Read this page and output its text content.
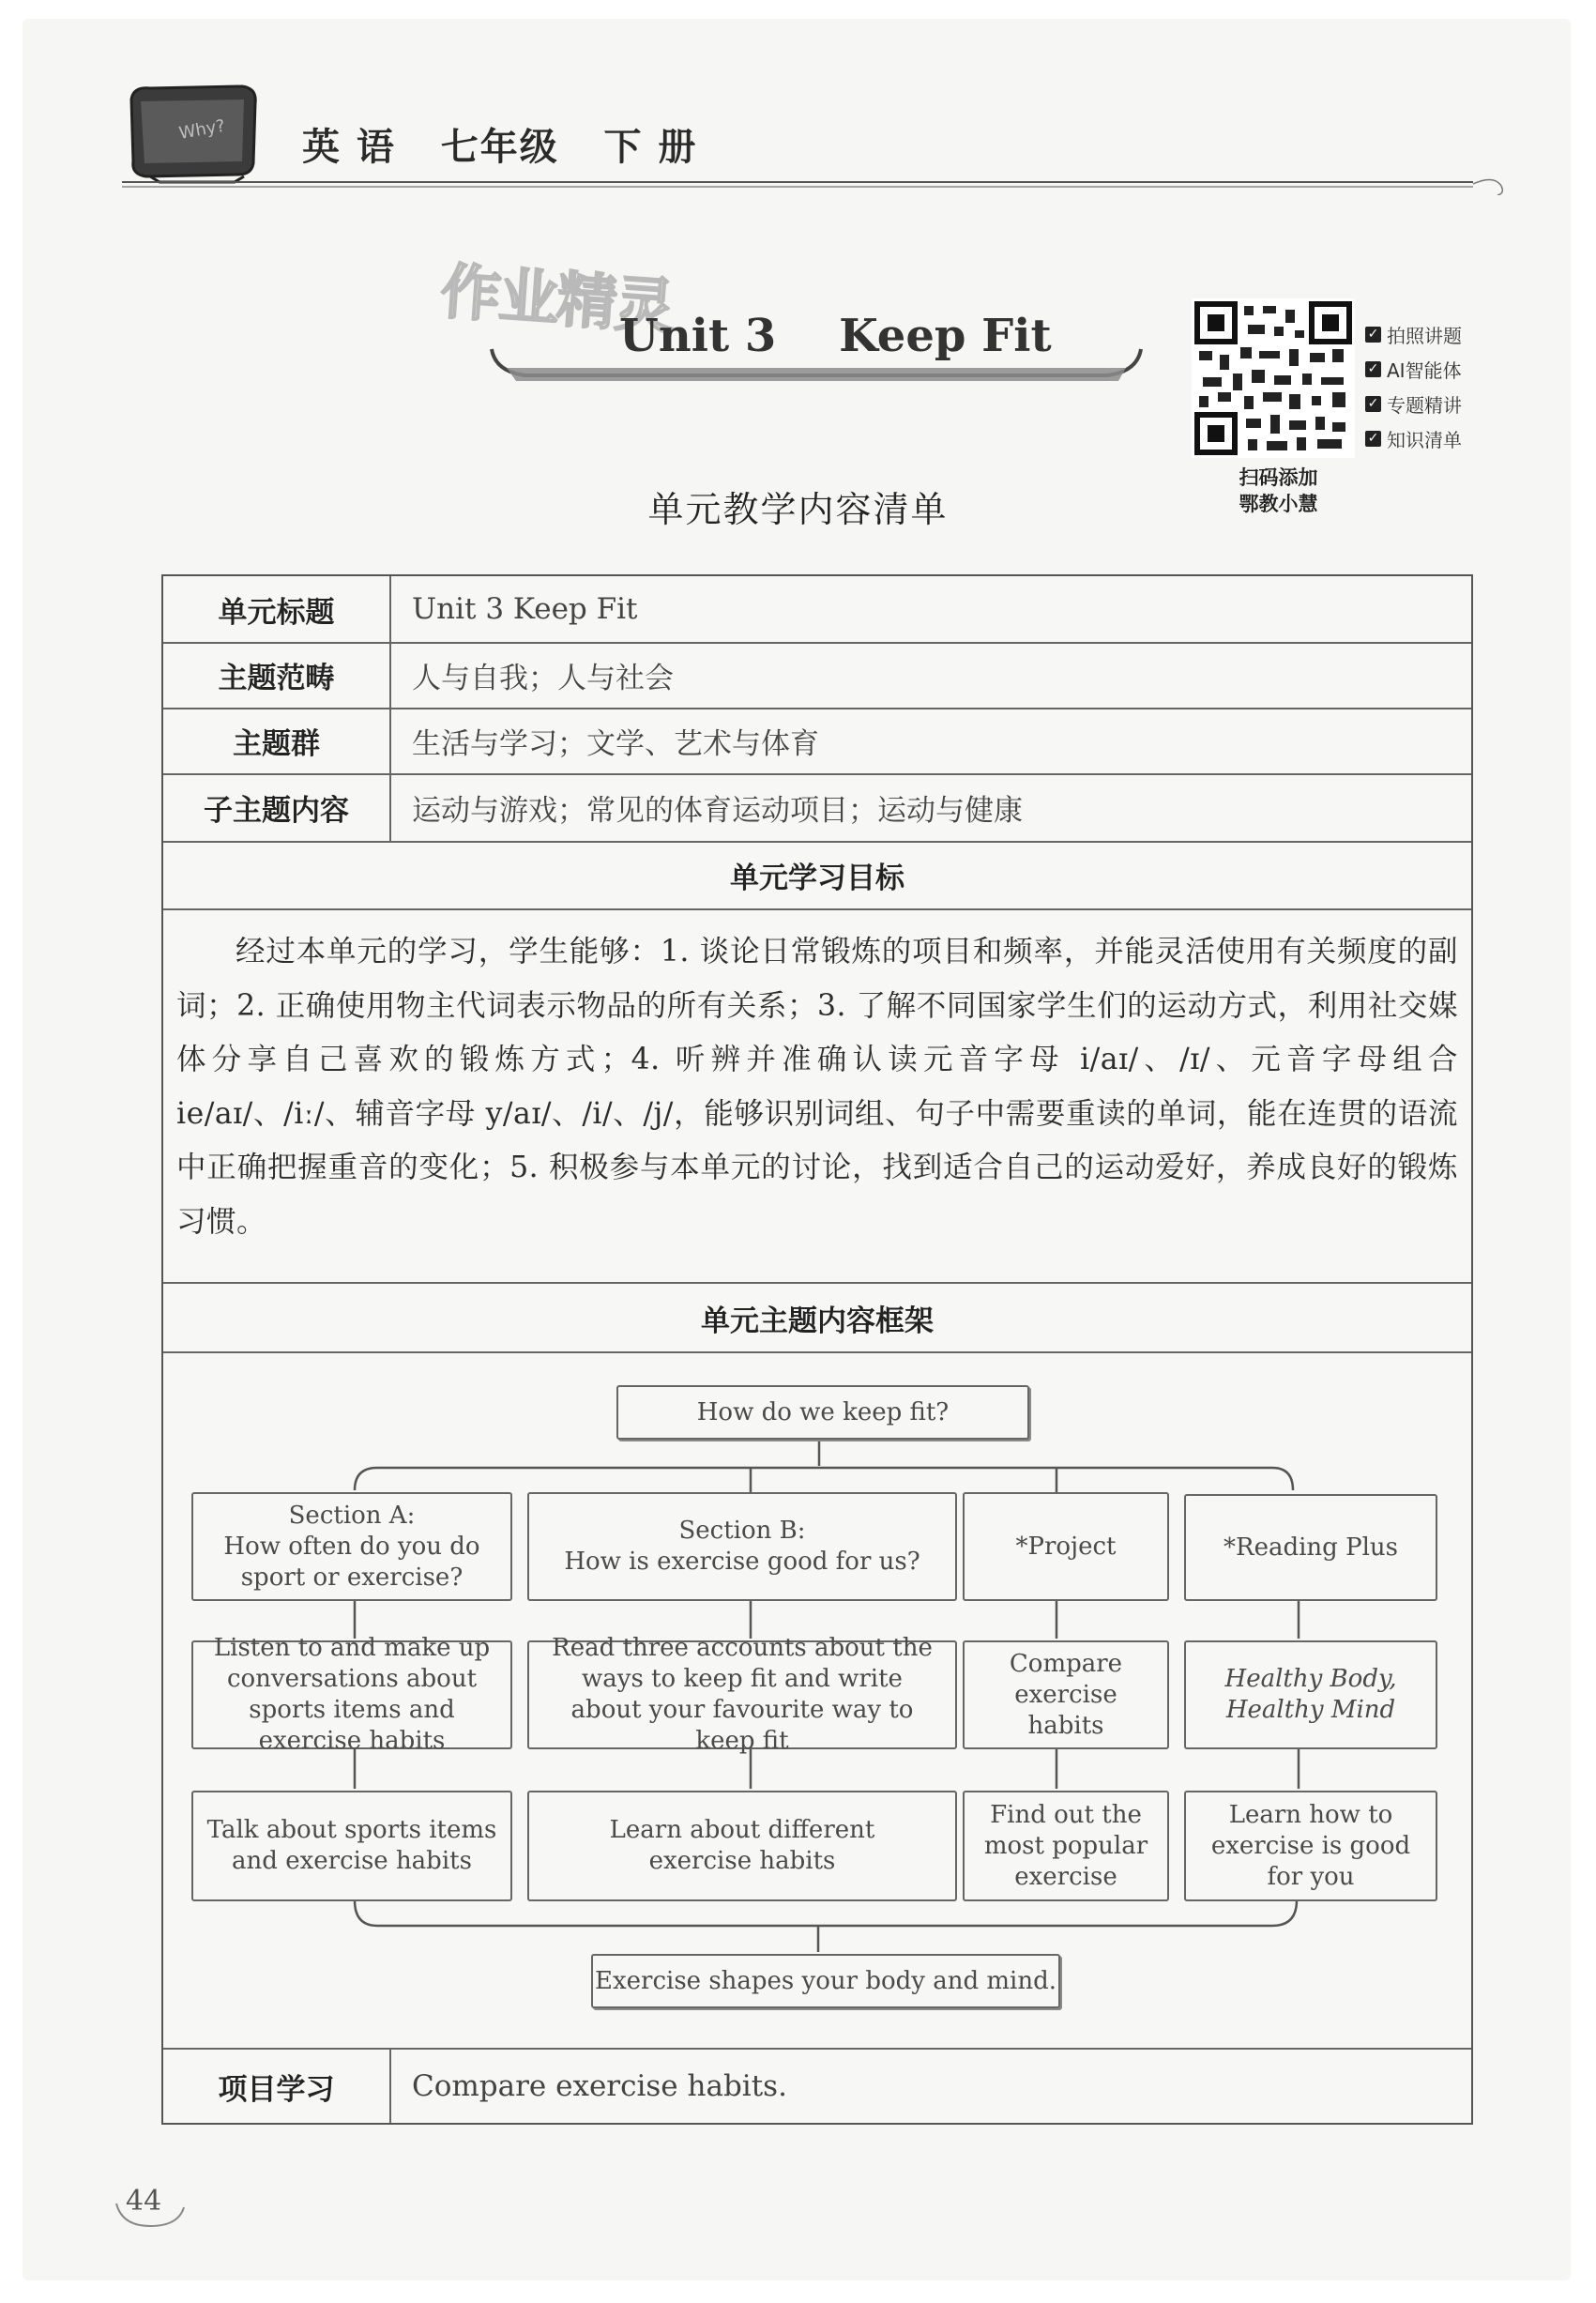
Why? 英 语   七年级   下 册
作业精灵
Unit 3    Keep Fit	✓ 拍照讲题
✓ AI智能体
✓ 专题精讲
✓ 知识清单
扫码添加
鄂教小慧
单元教学内容清单
单元标题	Unit 3 Keep Fit
主题范畴	人与自我；人与社会
主题群	生活与学习；文学、艺术与体育
子主题内容	运动与游戏；常见的体育运动项目；运动与健康
单元学习目标
经过本单元的学习，学生能够：1. 谈论日常锻炼的项目和频率，并能灵活使用有关频度的副词；2. 正确使用物主代词表示物品的所有关系；3. 了解不同国家学生们的运动方式，利用社交媒体分享自己喜欢的锻炼方式；4. 听辨并准确认读元音字母 i/aɪ/、/ɪ/、元音字母组合 ie/aɪ/、/iː/、辅音字母 y/aɪ/、/i/、/j/，能够识别词组、句子中需要重读的单词，能在连贯的语流中正确把握重音的变化；5. 积极参与本单元的讨论，找到适合自己的运动爱好，养成良好的锻炼习惯。
单元主题内容框架
项目学习	Compare exercise habits.
How do we keep fit?
Section A:
How often do you do sport or exercise?
Section B:
How is exercise good for us?
*Project	*Reading Plus
Listen to and make up conversations about sports items and exercise habits
Read three accounts about the ways to keep fit and write about your favourite way to keep fit
Compare exercise habits
Healthy Body, Healthy Mind
Talk about sports items and exercise habits
Learn about different exercise habits
Find out the most popular exercise
Learn how to exercise is good for you
Exercise shapes your body and mind.
44
